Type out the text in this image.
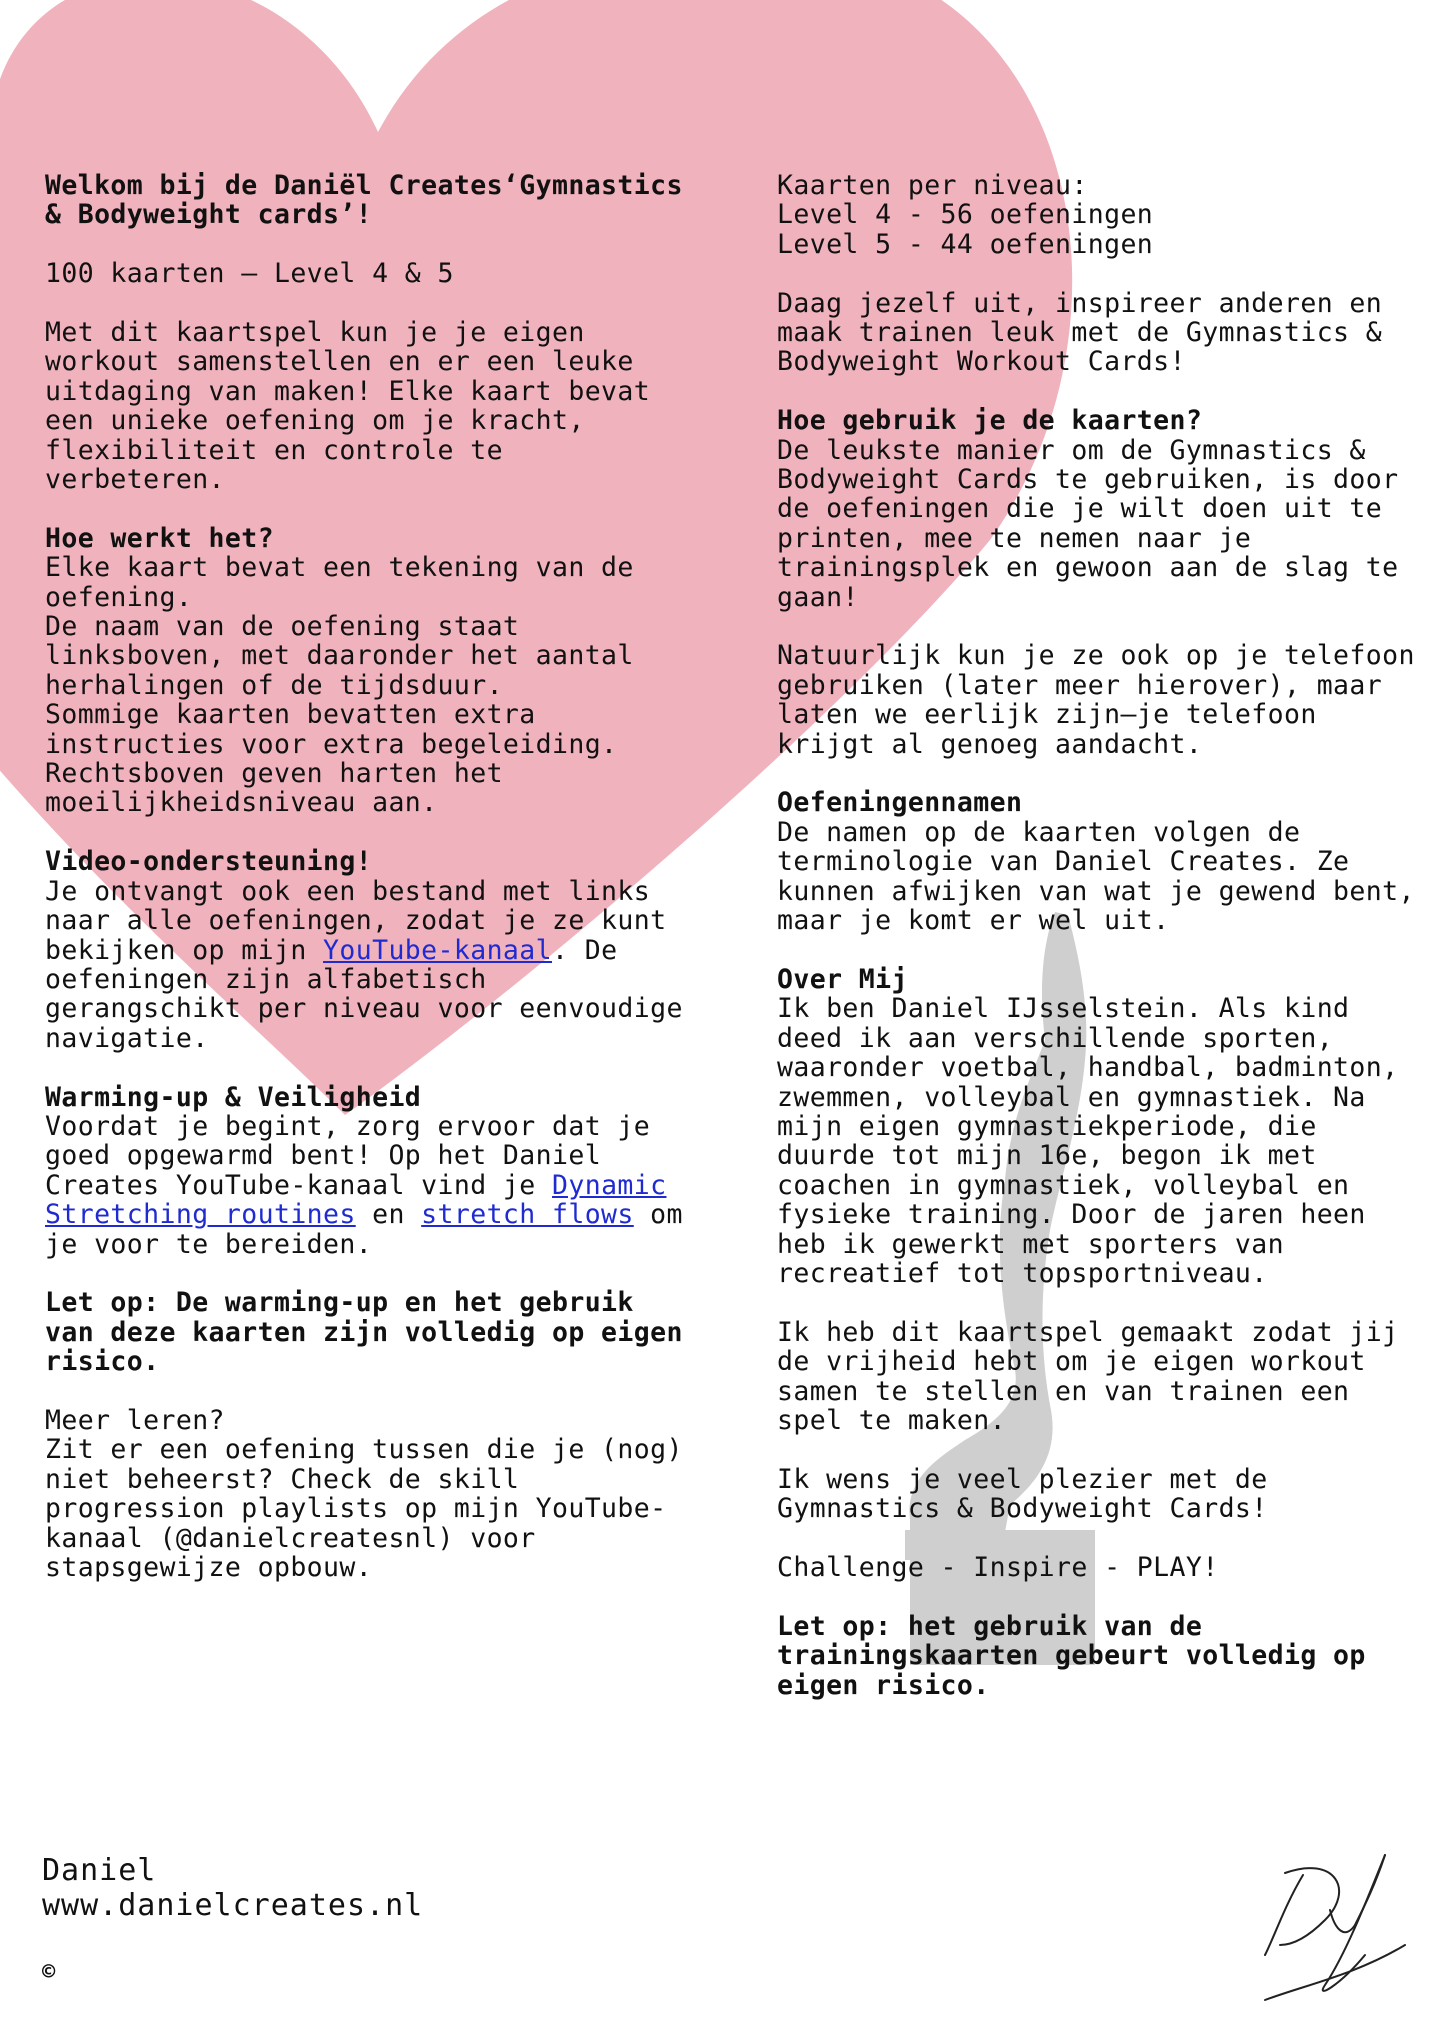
Welkom bij de Daniël Creates‘Gymnastics & Bodyweight cards’!

100 kaarten – Level 4 & 5

Met dit kaartspel kun je je eigen workout samenstellen en er een leuke uitdaging van maken! Elke kaart bevat een unieke oefening om je kracht, flexibiliteit en controle te verbeteren.

Hoe werkt het?
Elke kaart bevat een tekening van de oefening.
De naam van de oefening staat linksboven, met daaronder het aantal herhalingen of de tijdsduur.
Sommige kaarten bevatten extra instructies voor extra begeleiding.
Rechtsboven geven harten het moeilijkheidsniveau aan.

Video-ondersteuning!
Je ontvangt ook een bestand met links naar alle oefeningen, zodat je ze kunt bekijken op mijn YouTube-kanaal. De oefeningen zijn alfabetisch gerangschikt per niveau voor eenvoudige navigatie.

Warming-up & Veiligheid
Voordat je begint, zorg ervoor dat je goed opgewarmd bent! Op het Daniel Creates YouTube-kanaal vind je Dynamic Stretching routines en stretch flows om je voor te bereiden.

Let op: De warming-up en het gebruik van deze kaarten zijn volledig op eigen risico.

Meer leren?
Zit er een oefening tussen die je (nog) niet beheerst? Check de skill progression playlists op mijn YouTube-kanaal (@danielcreatesnl) voor stapsgewijze opbouw.

Kaarten per niveau:
Level 4 - 56 oefeningen
Level 5 - 44 oefeningen

Daag jezelf uit, inspireer anderen en maak trainen leuk met de Gymnastics & Bodyweight Workout Cards!

Hoe gebruik je de kaarten?
De leukste manier om de Gymnastics & Bodyweight Cards te gebruiken, is door de oefeningen die je wilt doen uit te printen, mee te nemen naar je trainingsplek en gewoon aan de slag te gaan!

Natuurlijk kun je ze ook op je telefoon gebruiken (later meer hierover), maar laten we eerlijk zijn—je telefoon krijgt al genoeg aandacht.

Oefeningennamen
De namen op de kaarten volgen de terminologie van Daniel Creates. Ze kunnen afwijken van wat je gewend bent, maar je komt er wel uit.

Over Mij
Ik ben Daniel IJsselstein. Als kind deed ik aan verschillende sporten, waaronder voetbal, handbal, badminton, zwemmen, volleybal en gymnastiek. Na mijn eigen gymnastiekperiode, die duurde tot mijn 16e, begon ik met coachen in gymnastiek, volleybal en fysieke training. Door de jaren heen heb ik gewerkt met sporters van recreatief tot topsportniveau.

Ik heb dit kaartspel gemaakt zodat jij de vrijheid hebt om je eigen workout samen te stellen en van trainen een spel te maken.

Ik wens je veel plezier met de Gymnastics & Bodyweight Cards!

Challenge - Inspire - PLAY!

Let op: het gebruik van de trainingskaarten gebeurt volledig op eigen risico.

Daniel
www.danielcreates.nl
©
